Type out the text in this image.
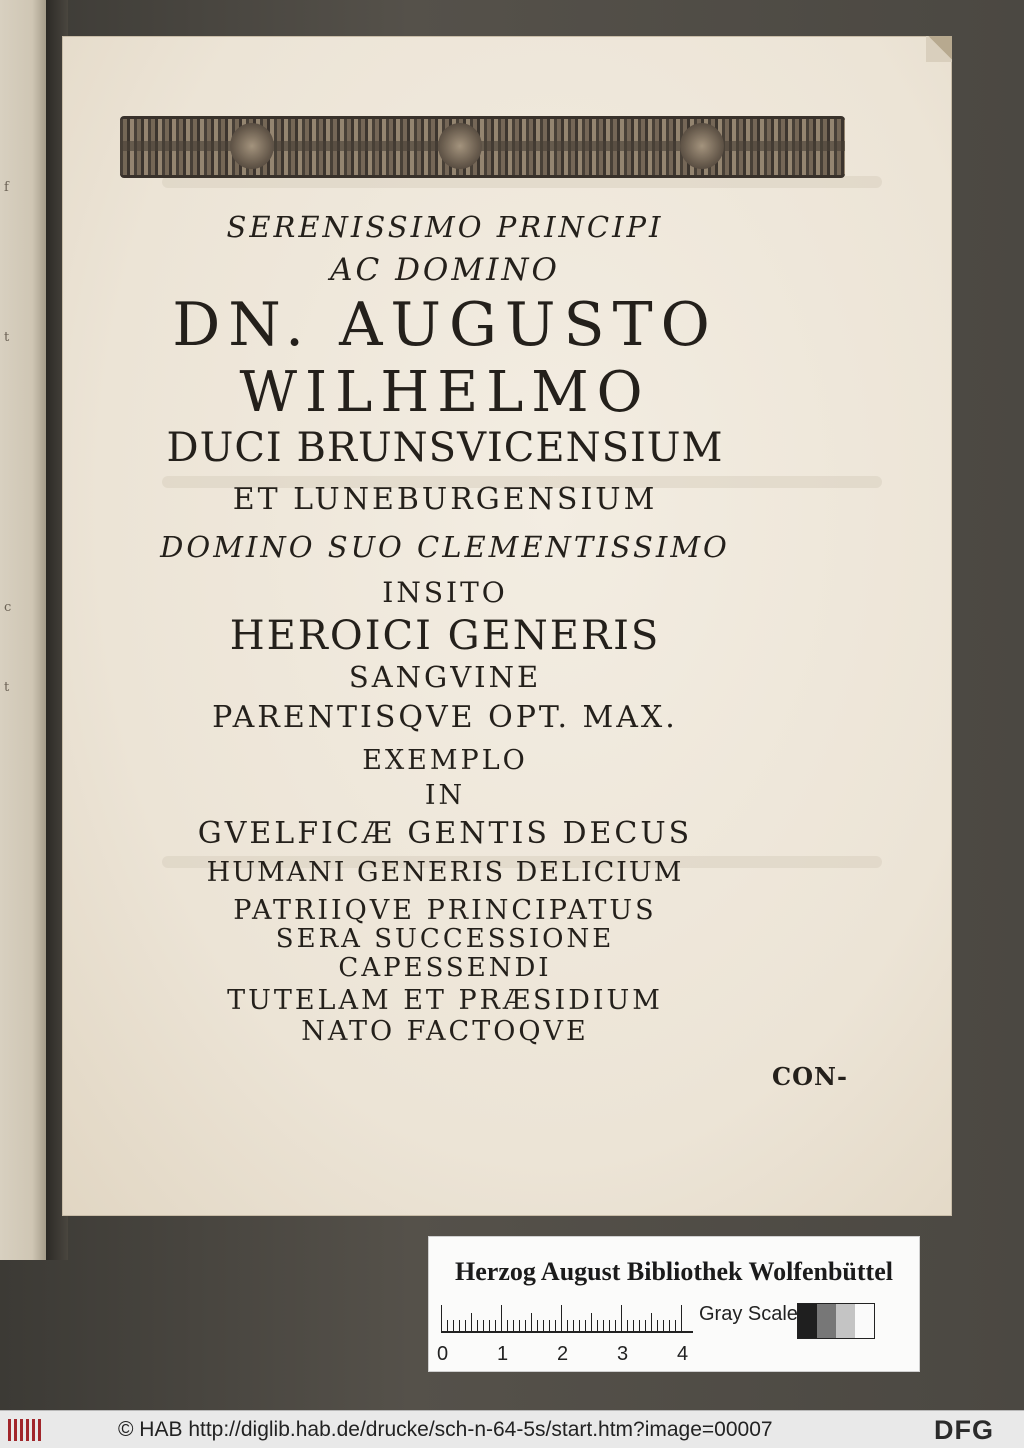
f
t
c
t
SERENISSIMO PRINCIPI
AC DOMINO
DN. AUGUSTO
WILHELMO
DUCI BRUNSVICENSIUM
ET LUNEBURGENSIUM
DOMINO SUO CLEMENTISSIMO
INSITO
HEROICI GENERIS
SANGVINE
PARENTISQVE OPT. MAX.
EXEMPLO
IN
GVELFICÆ GENTIS DECUS
HUMANI GENERIS DELICIUM
PATRIIQVE PRINCIPATUS
SERA SUCCESSIONE
CAPESSENDI
TUTELAM ET PRÆSIDIUM
NATO FACTOQVE
CON-
Herzog August Bibliothek Wolfenbüttel
0 1 2 3 4
Gray Scale
© HAB http://diglib.hab.de/drucke/sch-n-64-5s/start.htm?image=00007	DFG
